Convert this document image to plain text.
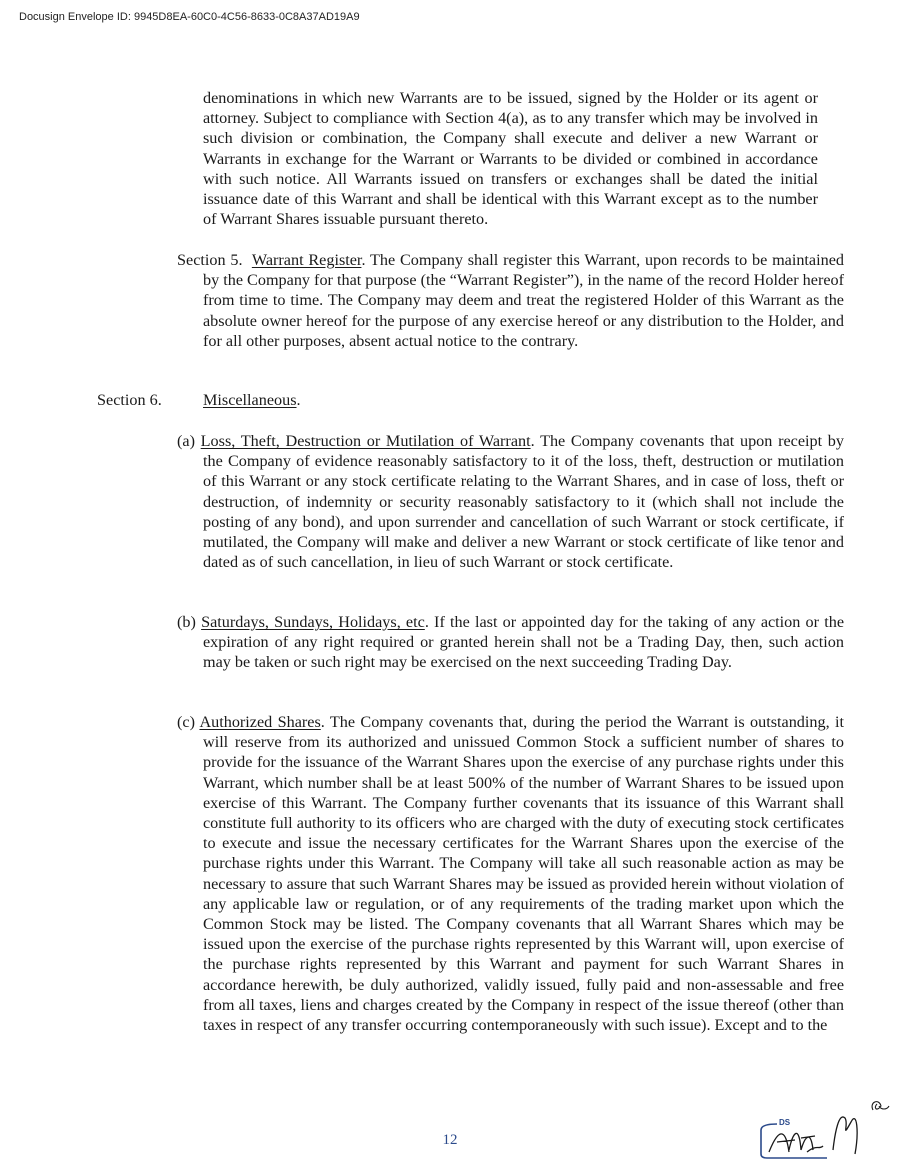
Docusign Envelope ID: 9945D8EA-60C0-4C56-8633-0C8A37AD19A9

denominations in which new Warrants are to be issued, signed by the Holder or its agent or attorney. Subject to compliance with Section 4(a), as to any transfer which may be involved in such division or combination, the Company shall execute and deliver a new Warrant or Warrants in exchange for the Warrant or Warrants to be divided or combined in accordance with such notice. All Warrants issued on transfers or exchanges shall be dated the initial issuance date of this Warrant and shall be identical with this Warrant except as to the number of Warrant Shares issuable pursuant thereto.

Section 5. Warrant Register. The Company shall register this Warrant, upon records to be maintained by the Company for that purpose (the “Warrant Register”), in the name of the record Holder hereof from time to time. The Company may deem and treat the registered Holder of this Warrant as the absolute owner hereof for the purpose of any exercise hereof or any distribution to the Holder, and for all other purposes, absent actual notice to the contrary.

Section 6.	Miscellaneous.

(a) Loss, Theft, Destruction or Mutilation of Warrant. The Company covenants that upon receipt by the Company of evidence reasonably satisfactory to it of the loss, theft, destruction or mutilation of this Warrant or any stock certificate relating to the Warrant Shares, and in case of loss, theft or destruction, of indemnity or security reasonably satisfactory to it (which shall not include the posting of any bond), and upon surrender and cancellation of such Warrant or stock certificate, if mutilated, the Company will make and deliver a new Warrant or stock certificate of like tenor and dated as of such cancellation, in lieu of such Warrant or stock certificate.

(b) Saturdays, Sundays, Holidays, etc. If the last or appointed day for the taking of any action or the expiration of any right required or granted herein shall not be a Trading Day, then, such action may be taken or such right may be exercised on the next succeeding Trading Day.

(c) Authorized Shares. The Company covenants that, during the period the Warrant is outstanding, it will reserve from its authorized and unissued Common Stock a sufficient number of shares to provide for the issuance of the Warrant Shares upon the exercise of any purchase rights under this Warrant, which number shall be at least 500% of the number of Warrant Shares to be issued upon exercise of this Warrant. The Company further covenants that its issuance of this Warrant shall constitute full authority to its officers who are charged with the duty of executing stock certificates to execute and issue the necessary certificates for the Warrant Shares upon the exercise of the purchase rights under this Warrant. The Company will take all such reasonable action as may be necessary to assure that such Warrant Shares may be issued as provided herein without violation of any applicable law or regulation, or of any requirements of the trading market upon which the Common Stock may be listed. The Company covenants that all Warrant Shares which may be issued upon the exercise of the purchase rights represented by this Warrant will, upon exercise of the purchase rights represented by this Warrant and payment for such Warrant Shares in accordance herewith, be duly authorized, validly issued, fully paid and non-assessable and free from all taxes, liens and charges created by the Company in respect of the issue thereof (other than taxes in respect of any transfer occurring contemporaneously with such issue). Except and to the

12
DS
